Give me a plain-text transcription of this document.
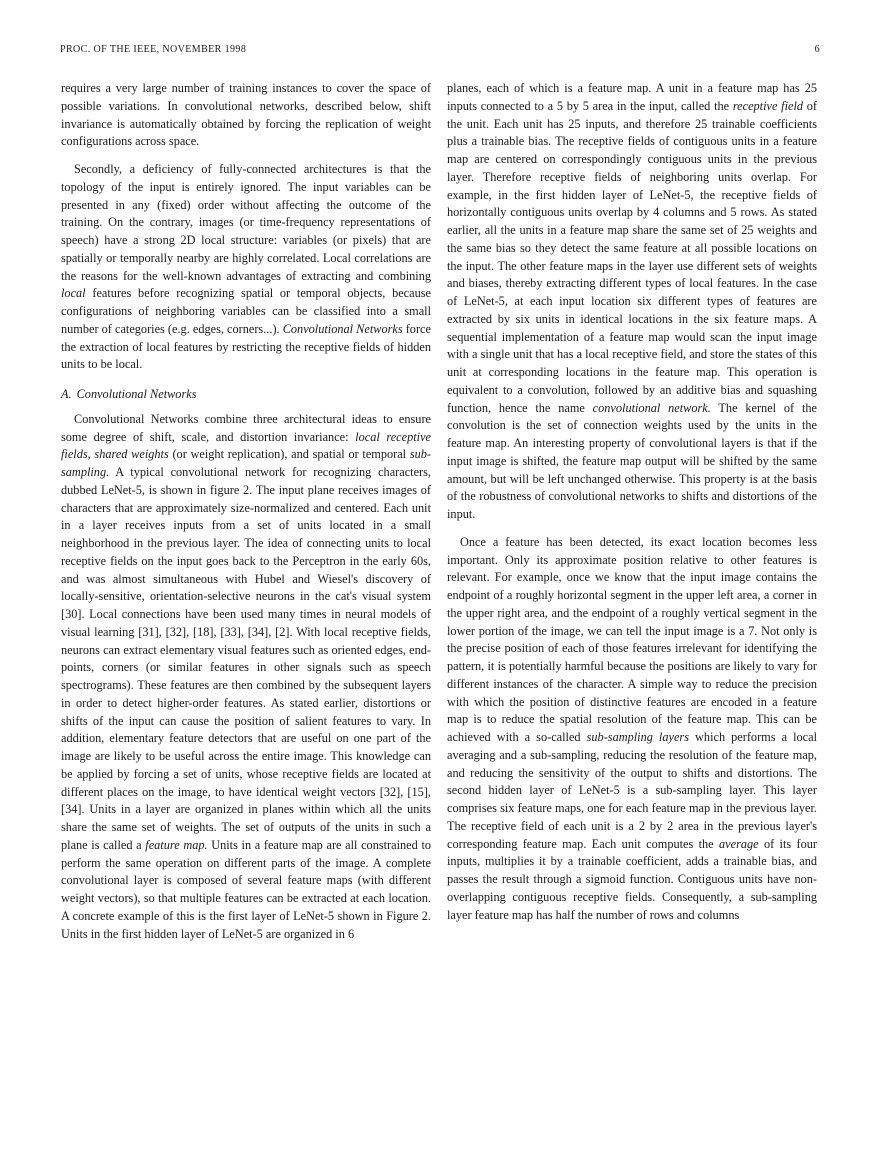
PROC. OF THE IEEE, NOVEMBER 1998	6

requires a very large number of training instances to cover the space of possible variations. In convolutional networks, described below, shift invariance is automatically obtained by forcing the replication of weight configurations across space.

Secondly, a deficiency of fully-connected architectures is that the topology of the input is entirely ignored. The input variables can be presented in any (fixed) order without affecting the outcome of the training. On the contrary, images (or time-frequency representations of speech) have a strong 2D local structure: variables (or pixels) that are spatially or temporally nearby are highly correlated. Local correlations are the reasons for the well-known advantages of extracting and combining local features before recognizing spatial or temporal objects, because configurations of neighboring variables can be classified into a small number of categories (e.g. edges, corners...). Convolutional Networks force the extraction of local features by restricting the receptive fields of hidden units to be local.

A. Convolutional Networks

Convolutional Networks combine three architectural ideas to ensure some degree of shift, scale, and distortion invariance: local receptive fields, shared weights (or weight replication), and spatial or temporal sub-sampling. A typical convolutional network for recognizing characters, dubbed LeNet-5, is shown in figure 2. The input plane receives images of characters that are approximately size-normalized and centered. Each unit in a layer receives inputs from a set of units located in a small neighborhood in the previous layer. The idea of connecting units to local receptive fields on the input goes back to the Perceptron in the early 60s, and was almost simultaneous with Hubel and Wiesel's discovery of locally-sensitive, orientation-selective neurons in the cat's visual system [30]. Local connections have been used many times in neural models of visual learning [31], [32], [18], [33], [34], [2]. With local receptive fields, neurons can extract elementary visual features such as oriented edges, end-points, corners (or similar features in other signals such as speech spectrograms). These features are then combined by the subsequent layers in order to detect higher-order features. As stated earlier, distortions or shifts of the input can cause the position of salient features to vary. In addition, elementary feature detectors that are useful on one part of the image are likely to be useful across the entire image. This knowledge can be applied by forcing a set of units, whose receptive fields are located at different places on the image, to have identical weight vectors [32], [15], [34]. Units in a layer are organized in planes within which all the units share the same set of weights. The set of outputs of the units in such a plane is called a feature map. Units in a feature map are all constrained to perform the same operation on different parts of the image. A complete convolutional layer is composed of several feature maps (with different weight vectors), so that multiple features can be extracted at each location. A concrete example of this is the first layer of LeNet-5 shown in Figure 2. Units in the first hidden layer of LeNet-5 are organized in 6

planes, each of which is a feature map. A unit in a feature map has 25 inputs connected to a 5 by 5 area in the input, called the receptive field of the unit. Each unit has 25 inputs, and therefore 25 trainable coefficients plus a trainable bias. The receptive fields of contiguous units in a feature map are centered on correspondingly contiguous units in the previous layer. Therefore receptive fields of neighboring units overlap. For example, in the first hidden layer of LeNet-5, the receptive fields of horizontally contiguous units overlap by 4 columns and 5 rows. As stated earlier, all the units in a feature map share the same set of 25 weights and the same bias so they detect the same feature at all possible locations on the input. The other feature maps in the layer use different sets of weights and biases, thereby extracting different types of local features. In the case of LeNet-5, at each input location six different types of features are extracted by six units in identical locations in the six feature maps. A sequential implementation of a feature map would scan the input image with a single unit that has a local receptive field, and store the states of this unit at corresponding locations in the feature map. This operation is equivalent to a convolution, followed by an additive bias and squashing function, hence the name convolutional network. The kernel of the convolution is the set of connection weights used by the units in the feature map. An interesting property of convolutional layers is that if the input image is shifted, the feature map output will be shifted by the same amount, but will be left unchanged otherwise. This property is at the basis of the robustness of convolutional networks to shifts and distortions of the input.

Once a feature has been detected, its exact location becomes less important. Only its approximate position relative to other features is relevant. For example, once we know that the input image contains the endpoint of a roughly horizontal segment in the upper left area, a corner in the upper right area, and the endpoint of a roughly vertical segment in the lower portion of the image, we can tell the input image is a 7. Not only is the precise position of each of those features irrelevant for identifying the pattern, it is potentially harmful because the positions are likely to vary for different instances of the character. A simple way to reduce the precision with which the position of distinctive features are encoded in a feature map is to reduce the spatial resolution of the feature map. This can be achieved with a so-called sub-sampling layers which performs a local averaging and a sub-sampling, reducing the resolution of the feature map, and reducing the sensitivity of the output to shifts and distortions. The second hidden layer of LeNet-5 is a sub-sampling layer. This layer comprises six feature maps, one for each feature map in the previous layer. The receptive field of each unit is a 2 by 2 area in the previous layer's corresponding feature map. Each unit computes the average of its four inputs, multiplies it by a trainable coefficient, adds a trainable bias, and passes the result through a sigmoid function. Contiguous units have non-overlapping contiguous receptive fields. Consequently, a sub-sampling layer feature map has half the number of rows and columns
